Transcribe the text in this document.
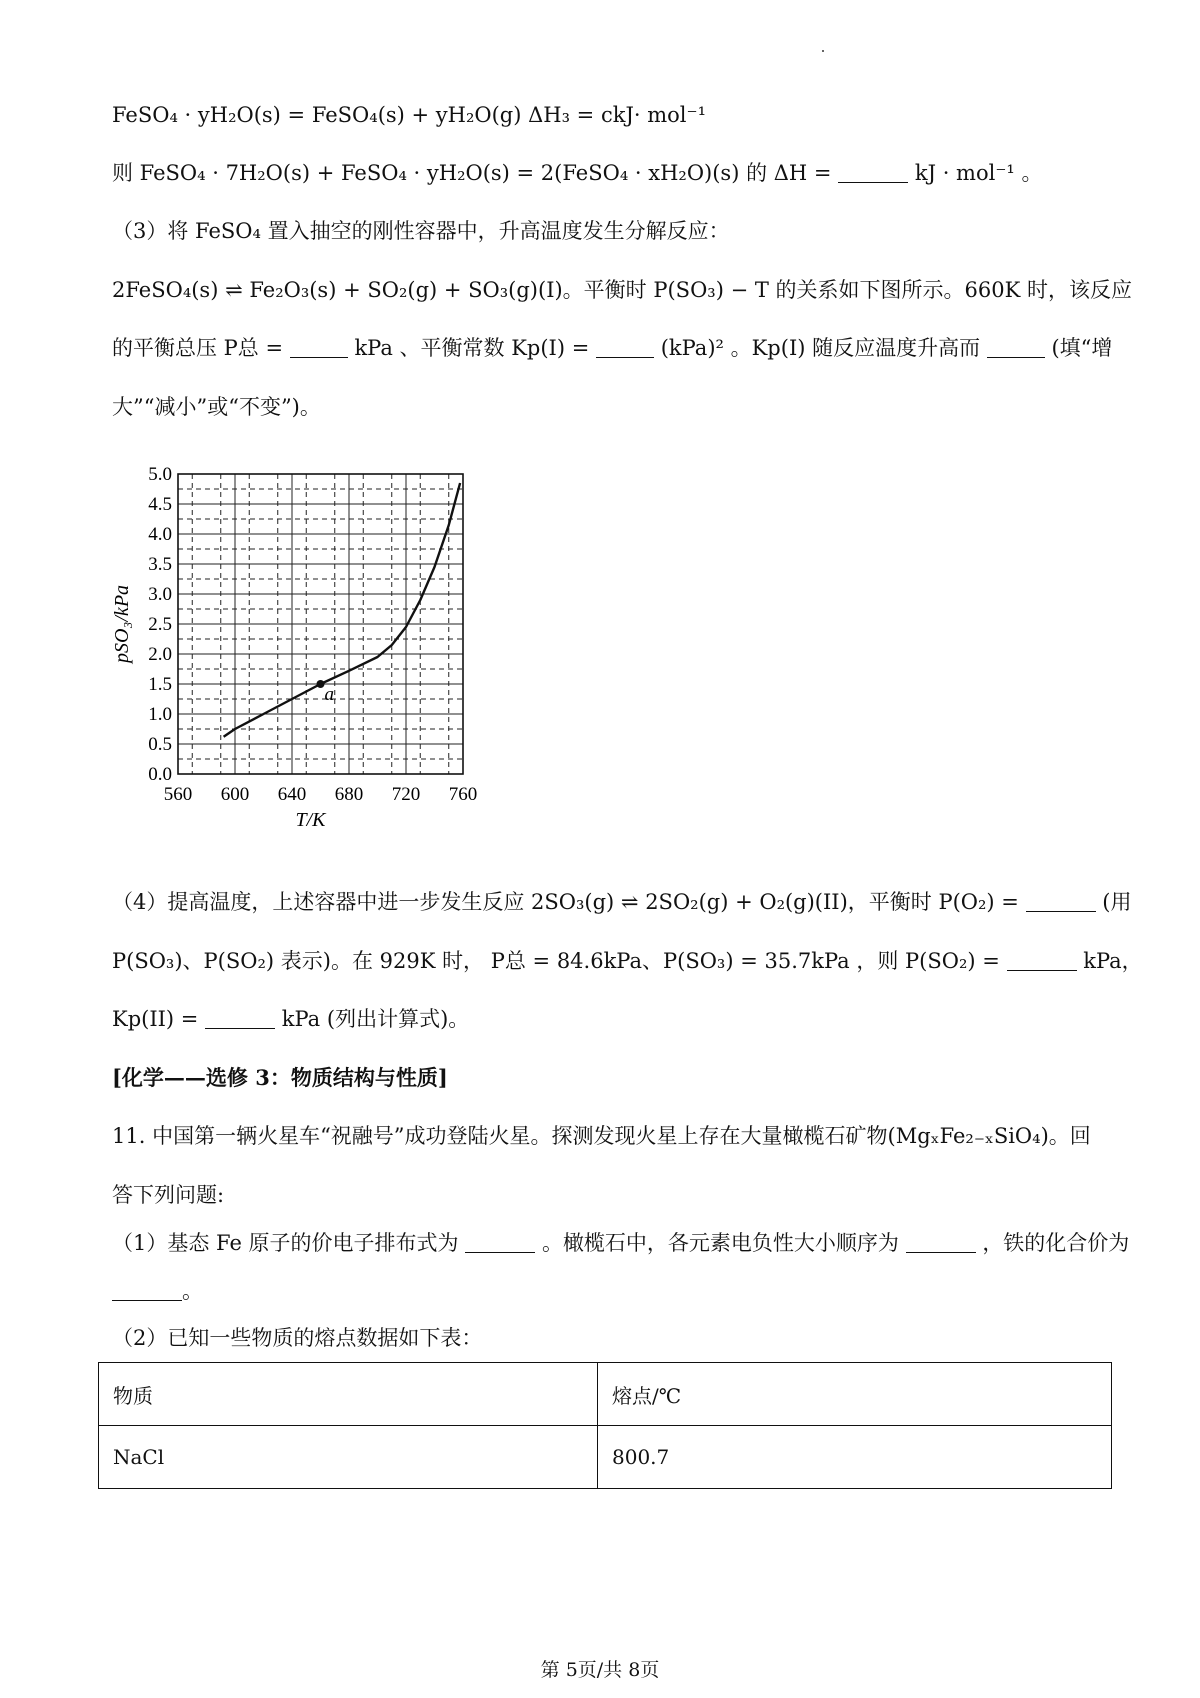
FeSO₄ · yH₂O(s) = FeSO₄(s) + yH₂O(g) ΔH₃ = ckJ· mol⁻¹
则 FeSO₄ · 7H₂O(s) + FeSO₄ · yH₂O(s) = 2(FeSO₄ · xH₂O)(s) 的 ΔH =	kJ · mol⁻¹ 。
（3）将 FeSO₄ 置入抽空的刚性容器中，升高温度发生分解反应：
2FeSO₄(s) ⇌ Fe₂O₃(s) + SO₂(g) + SO₃(g)(I)。平衡时 P(SO₃) − T 的关系如下图所示。660K 时，该反应
的平衡总压 P总 =	kPa 、平衡常数 Kp(I) =	(kPa)² 。Kp(I) 随反应温度升高而	(填“增
大”“减小”或“不变”)。
560 600 640 680 720 760
0.0
0.5
1.0
1.5
2.0
2.5
3.0
3.5
4.0
4.5
5.0
T/K
pSO₃/kPa
a
（4）提高温度，上述容器中进一步发生反应 2SO₃(g) ⇌ 2SO₂(g) + O₂(g)(II)，平衡时 P(O₂) =	(用
P(SO₃)、P(SO₂) 表示)。在 929K 时， P总 = 84.6kPa、P(SO₃) = 35.7kPa ，则 P(SO₂) =	kPa，
Kp(II) =	kPa (列出计算式)。
[化学——选修 3：物质结构与性质]
11. 中国第一辆火星车“祝融号”成功登陆火星。探测发现火星上存在大量橄榄石矿物(MgₓFe₂₋ₓSiO₄)。回
答下列问题:
（1）基态 Fe 原子的价电子排布式为	。橄榄石中，各元素电负性大小顺序为	，铁的化合价为
。
（2）已知一些物质的熔点数据如下表：
物质	熔点/℃
NaCl	800.7
第 5页/共 8页
